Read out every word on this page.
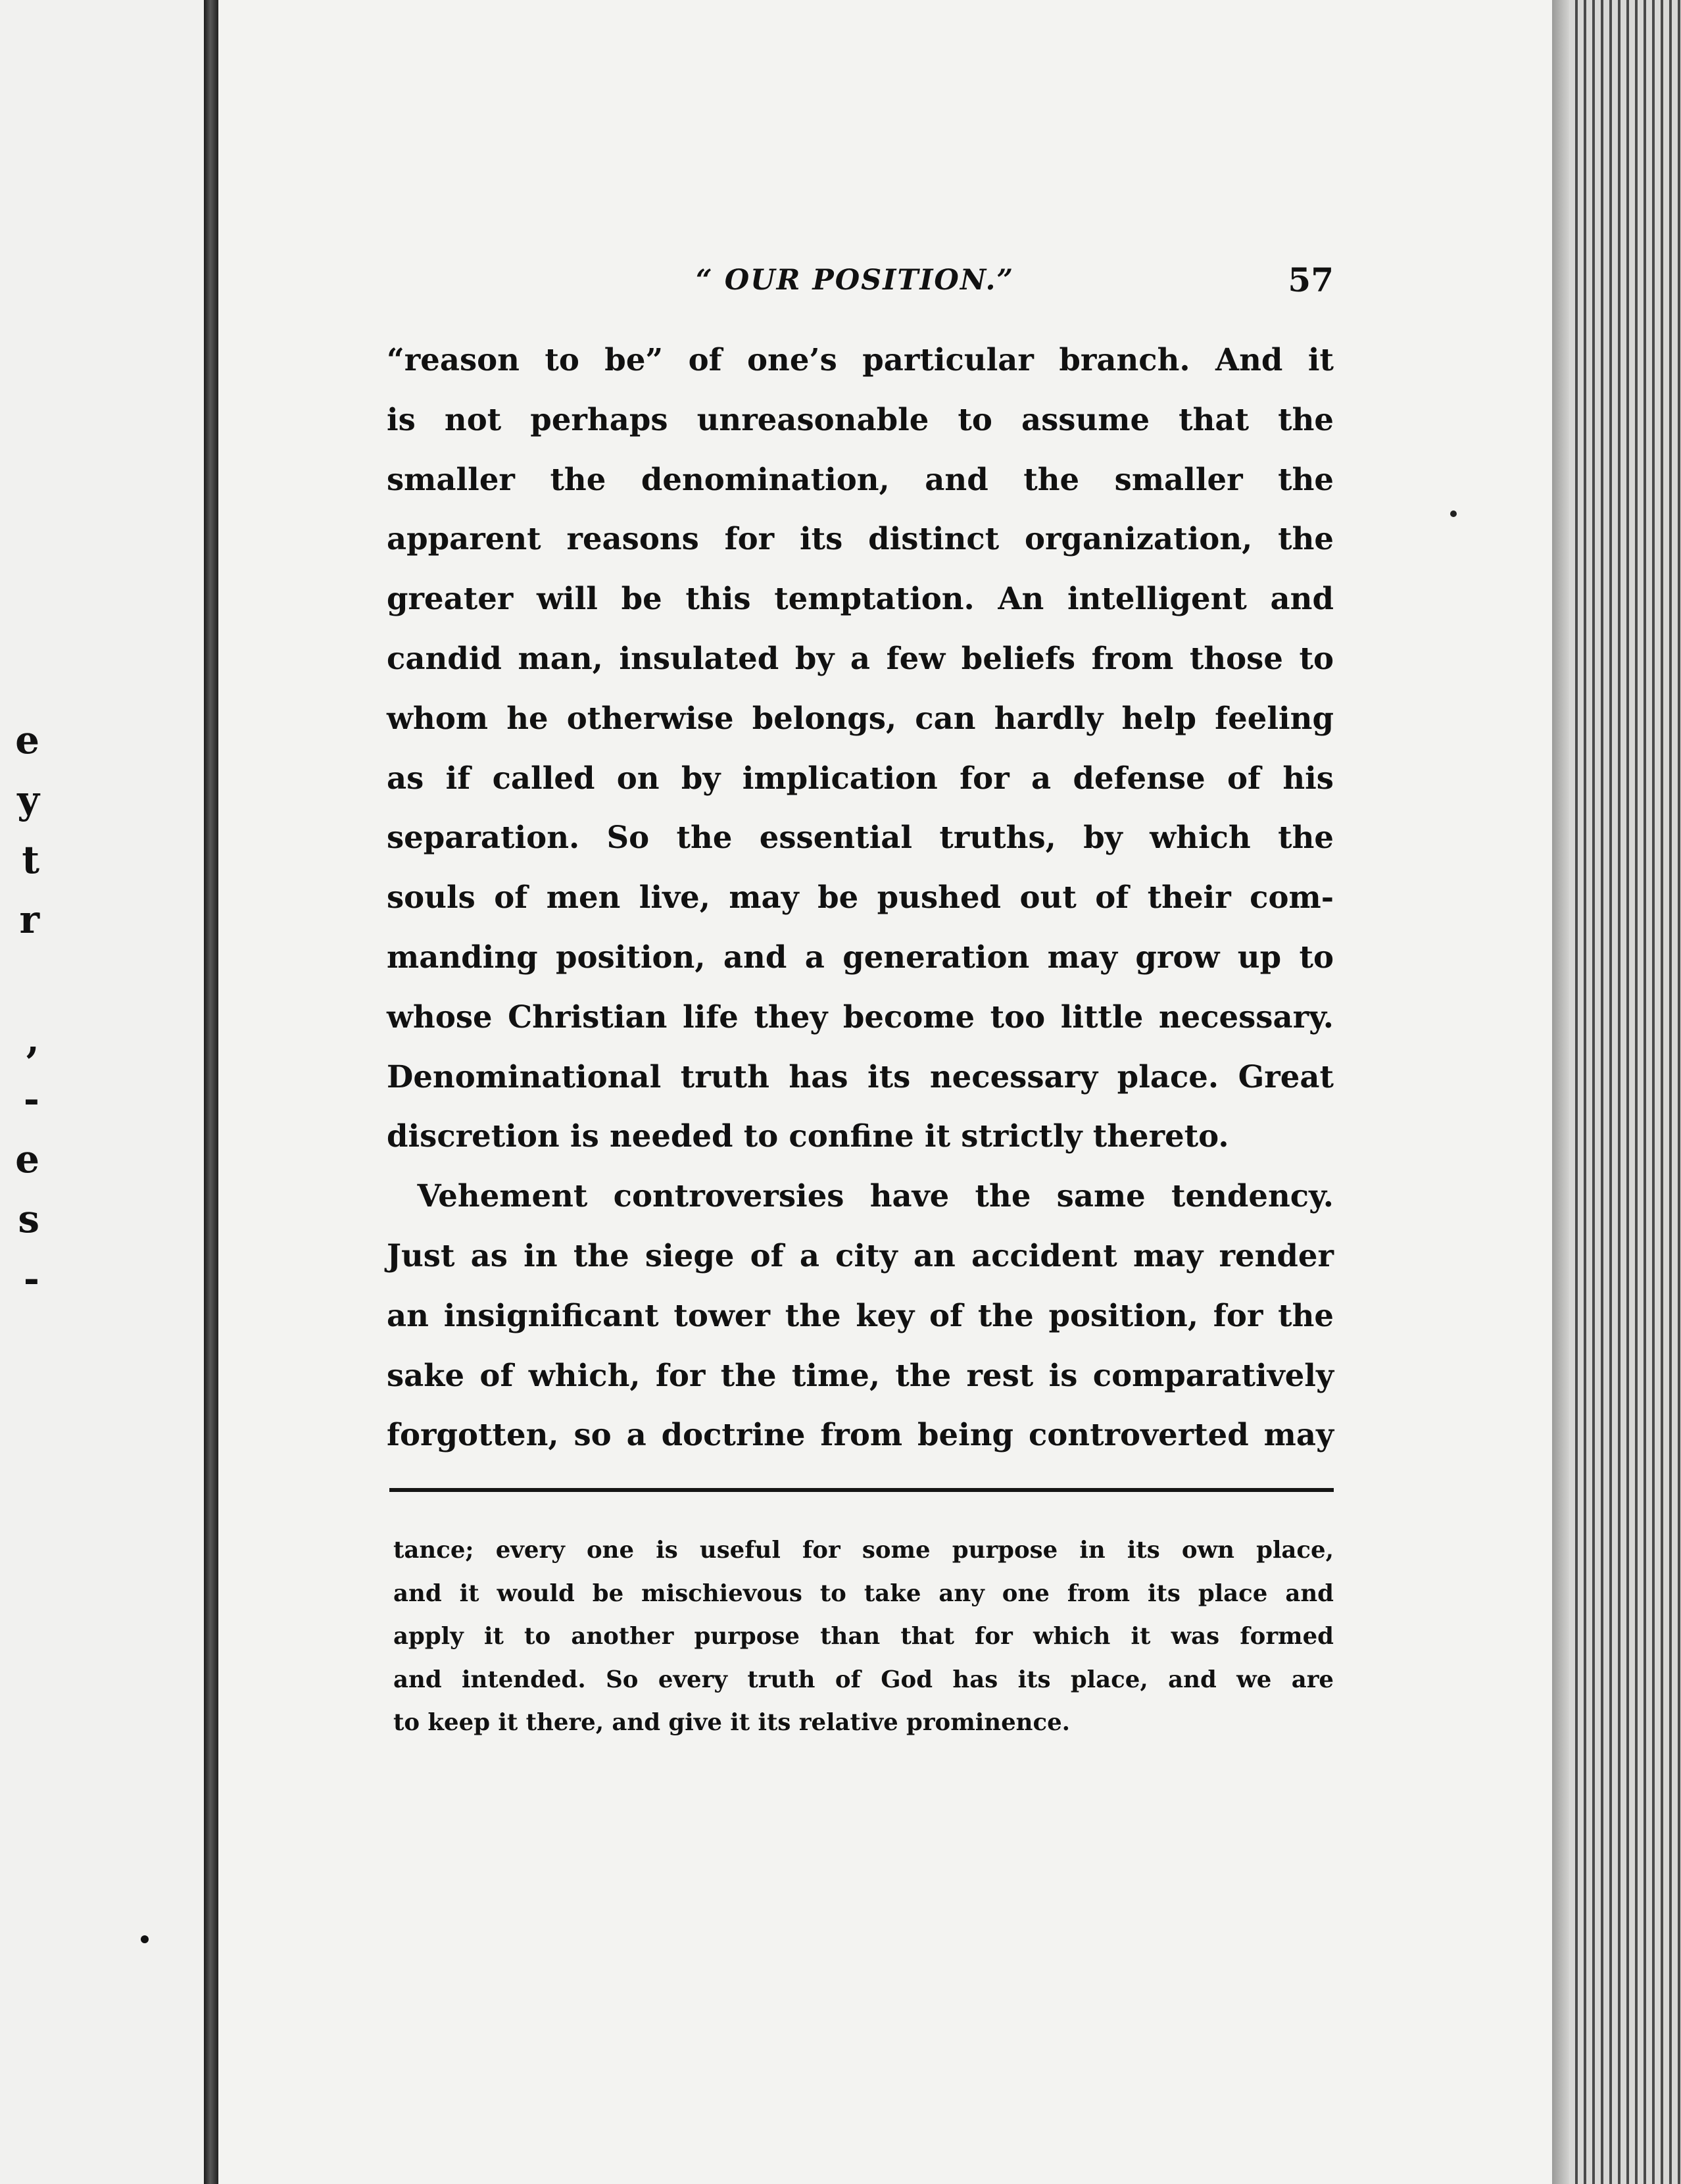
e
y
t
r
,
-
e
s
-
“ OUR POSITION.”	57
“reason to be” of one’s particular branch. And it
is not perhaps unreasonable to assume that the
smaller the denomination, and the smaller the
apparent reasons for its distinct organization, the
greater will be this temptation. An intelligent and
candid man, insulated by a few beliefs from those to
whom he otherwise belongs, can hardly help feeling
as if called on by implication for a defense of his
separation. So the essential truths, by which the
souls of men live, may be pushed out of their com-
manding position, and a generation may grow up to
whose Christian life they become too little necessary.
Denominational truth has its necessary place. Great
discretion is needed to confine it strictly thereto.
 Vehement controversies have the same tendency.
Just as in the siege of a city an accident may render
an insignificant tower the key of the position, for the
sake of which, for the time, the rest is comparatively
forgotten, so a doctrine from being controverted may
tance; every one is useful for some purpose in its own place,
and it would be mischievous to take any one from its place and
apply it to another purpose than that for which it was formed
and intended. So every truth of God has its place, and we are
to keep it there, and give it its relative prominence.
